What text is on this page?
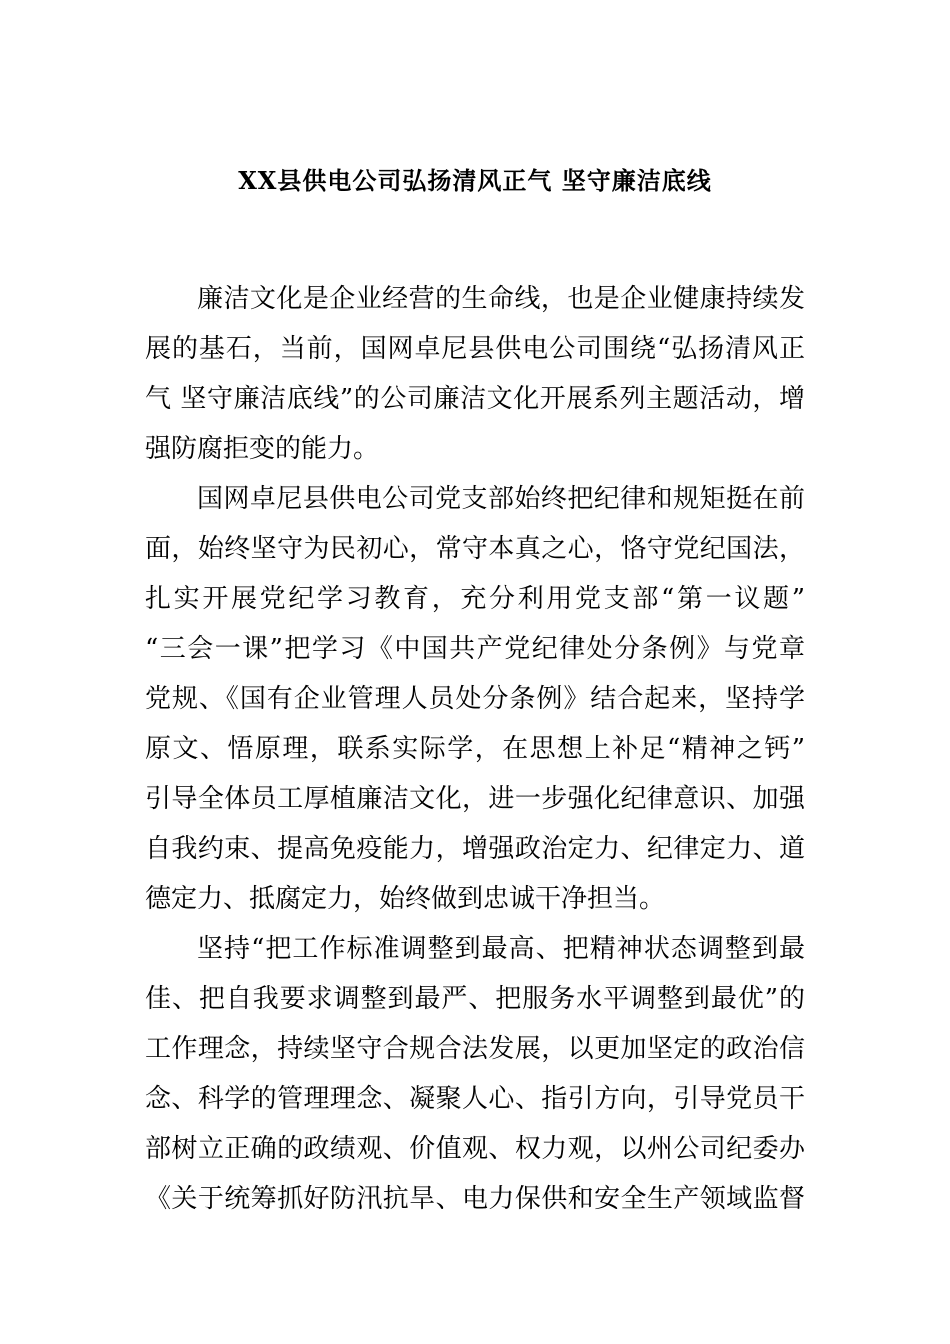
XX县供电公司弘扬清风正气 坚守廉洁底线
廉洁文化是企业经营的生命线，也是企业健康持续发
展的基石，当前，国网卓尼县供电公司围绕“弘扬清风正
气 坚守廉洁底线”的公司廉洁文化开展系列主题活动，增
强防腐拒变的能力。
国网卓尼县供电公司党支部始终把纪律和规矩挺在前
面，始终坚守为民初心，常守本真之心，恪守党纪国法，
扎实开展党纪学习教育，充分利用党支部“第一议题”
“三会一课”把学习《中国共产党纪律处分条例》与党章
党规、《国有企业管理人员处分条例》结合起来，坚持学
原文、悟原理，联系实际学，在思想上补足“精神之钙”
引导全体员工厚植廉洁文化，进一步强化纪律意识、加强
自我约束、提高免疫能力，增强政治定力、纪律定力、道
德定力、抵腐定力，始终做到忠诚干净担当。
坚持“把工作标准调整到最高、把精神状态调整到最
佳、把自我要求调整到最严、把服务水平调整到最优”的
工作理念，持续坚守合规合法发展，以更加坚定的政治信
念、科学的管理理念、凝聚人心、指引方向，引导党员干
部树立正确的政绩观、价值观、权力观，以州公司纪委办
《关于统筹抓好防汛抗旱、电力保供和安全生产领域监督
